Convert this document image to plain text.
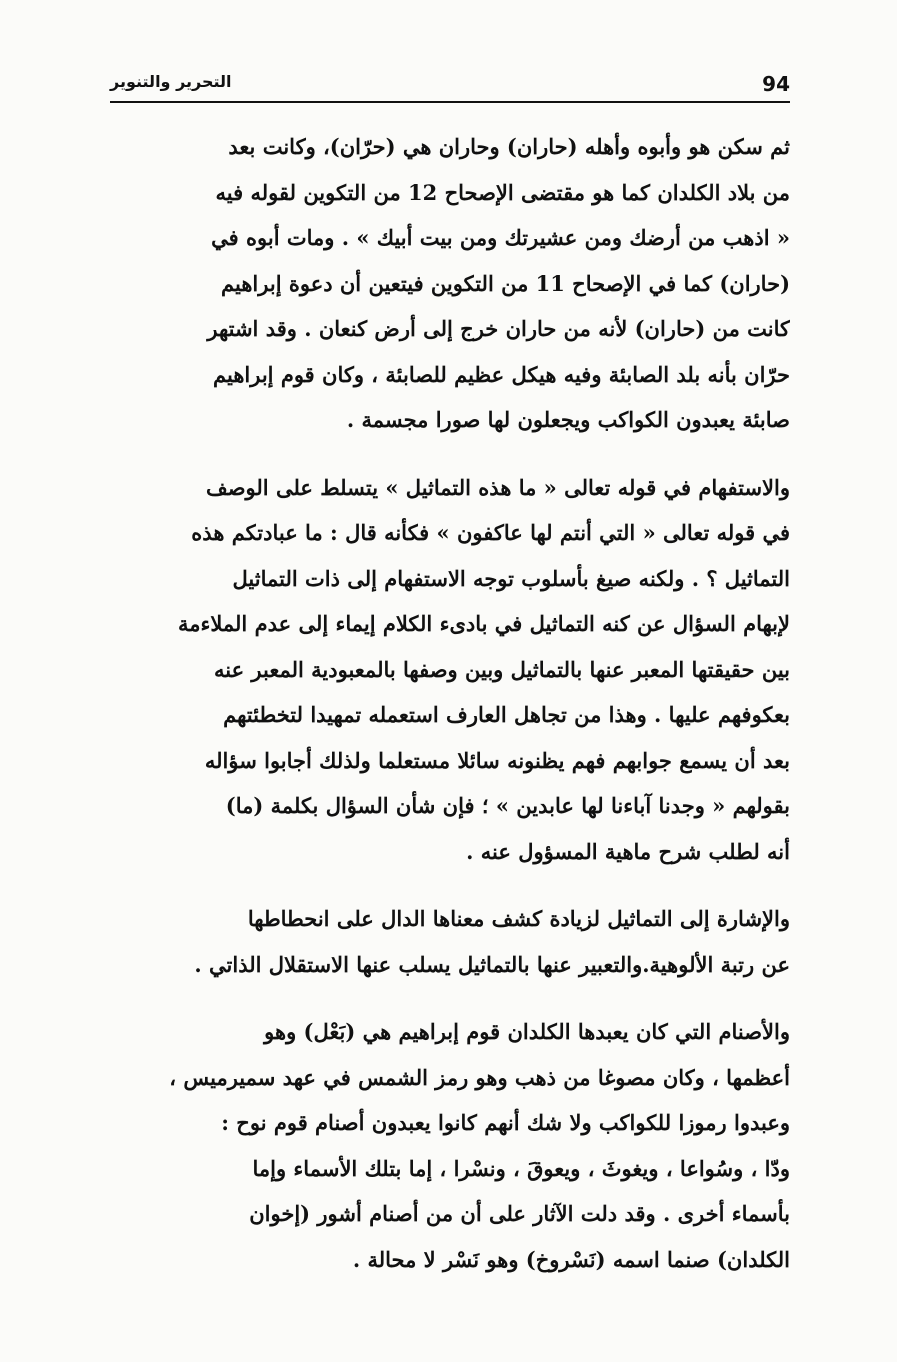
94
التحرير والتنوير
ثم سكن هو وأبوه وأهله (حاران) وحاران هي (حرّان)، وكانت بعد
من بلاد الكلدان كما هو مقتضى الإصحاح 12 من التكوين لقوله فيه
« اذهب من أرضك ومن عشيرتك ومن بيت أبيك » . ومات أبوه في
(حاران) كما في الإصحاح 11 من التكوين فيتعين أن دعوة إبراهيم
كانت من (حاران) لأنه من حاران خرج إلى أرض كنعان . وقد اشتهر
حرّان بأنه بلد الصابئة وفيه هيكل عظيم للصابئة ، وكان قوم إبراهيم
صابئة يعبدون الكواكب ويجعلون لها صورا مجسمة .
والاستفهام في قوله تعالى « ما هذه التماثيل » يتسلط على الوصف
في قوله تعالى « التي أنتم لها عاكفون » فكأنه قال : ما عبادتكم هذه
التماثيل ؟ . ولكنه صيغ بأسلوب توجه الاستفهام إلى ذات التماثيل
لإبهام السؤال عن كنه التماثيل في بادىء الكلام إيماء إلى عدم الملاءمة
بين حقيقتها المعبر عنها بالتماثيل وبين وصفها بالمعبودية المعبر عنه
بعكوفهم عليها . وهذا من تجاهل العارف استعمله تمهيدا لتخطئتهم
بعد أن يسمع جوابهم فهم يظنونه سائلا مستعلما ولذلك أجابوا سؤاله
بقولهم « وجدنا آباءنا لها عابدين » ؛ فإن شأن السؤال بكلمة (ما)
أنه لطلب شرح ماهية المسؤول عنه .
والإشارة إلى التماثيل لزيادة كشف معناها الدال على انحطاطها
عن رتبة الألوهية.والتعبير عنها بالتماثيل يسلب عنها الاستقلال الذاتي .
والأصنام التي كان يعبدها الكلدان قوم إبراهيم هي (بَعْل) وهو
أعظمها ، وكان مصوغا من ذهب وهو رمز الشمس في عهد سميرميس ،
وعبدوا رموزا للكواكب ولا شك أنهم كانوا يعبدون أصنام قوم نوح :
ودّا ، وسُواعا ، ويغوثَ ، ويعوقَ ، ونسْرا ، إما بتلك الأسماء وإما
بأسماء أخرى . وقد دلت الآثار على أن من أصنام أشور (إخوان
الكلدان) صنما اسمه (نَسْروخ) وهو نَسْر لا محالة .
